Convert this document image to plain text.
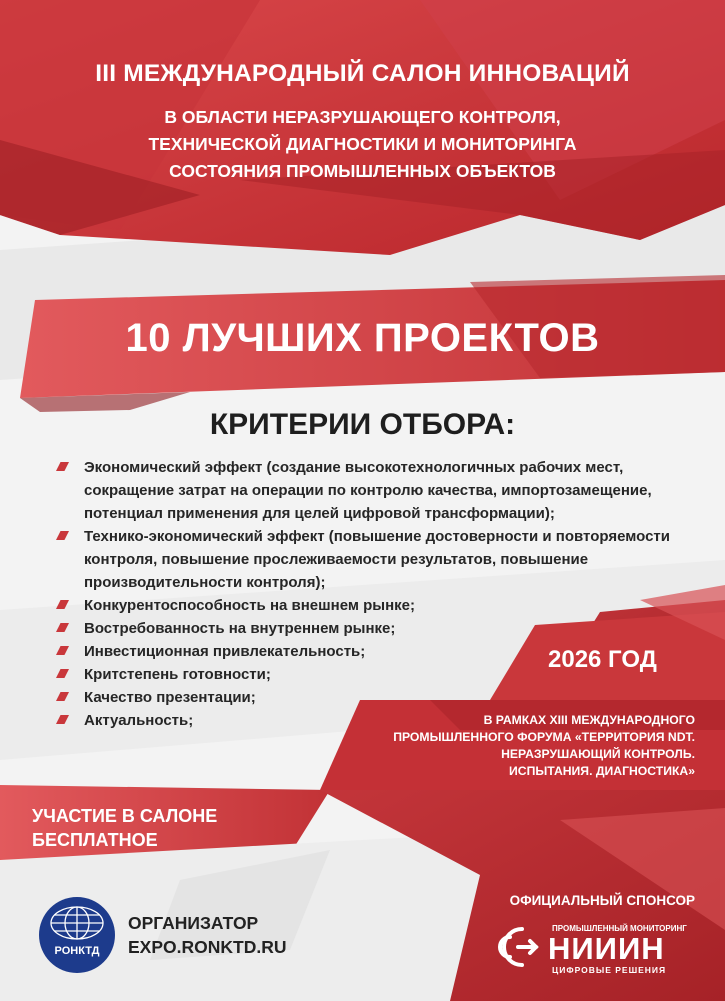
III МЕЖДУНАРОДНЫЙ САЛОН ИННОВАЦИЙ

В ОБЛАСТИ НЕРАЗРУШАЮЩЕГО КОНТРОЛЯ,
ТЕХНИЧЕСКОЙ ДИАГНОСТИКИ И МОНИТОРИНГА
СОСТОЯНИЯ ПРОМЫШЛЕННЫХ ОБЪЕКТОВ

10 ЛУЧШИХ ПРОЕКТОВ

КРИТЕРИИ ОТБОРА:

Экономический эффект (создание высокотехнологичных рабочих мест, сокращение затрат на операции по контролю качества, импортозамещение, потенциал применения для целей цифровой трансформации);
Технико-экономический эффект (повышение достоверности и повторяемости контроля, повышение прослеживаемости результатов, повышение производительности контроля);
Конкурентоспособность на внешнем рынке;
Востребованность на внутреннем рынке;
Инвестиционная привлекательность;
Критстепень готовности;
Качество презентации;
Актуальность;

2026 ГОД

В РАМКАХ XIII МЕЖДУНАРОДНОГО
ПРОМЫШЛЕННОГО ФОРУМА «ТЕРРИТОРИЯ NDT.
НЕРАЗРУШАЮЩИЙ КОНТРОЛЬ.
ИСПЫТАНИЯ. ДИАГНОСТИКА»

УЧАСТИЕ В САЛОНЕ
БЕСПЛАТНОЕ

РОНКТД

ОРГАНИЗАТОР
EXPO.RONKTD.RU

ОФИЦИАЛЬНЫЙ СПОНСОР

ПРОМЫШЛЕННЫЙ МОНИТОРИНГ
НИИИН
ЦИФРОВЫЕ РЕШЕНИЯ
